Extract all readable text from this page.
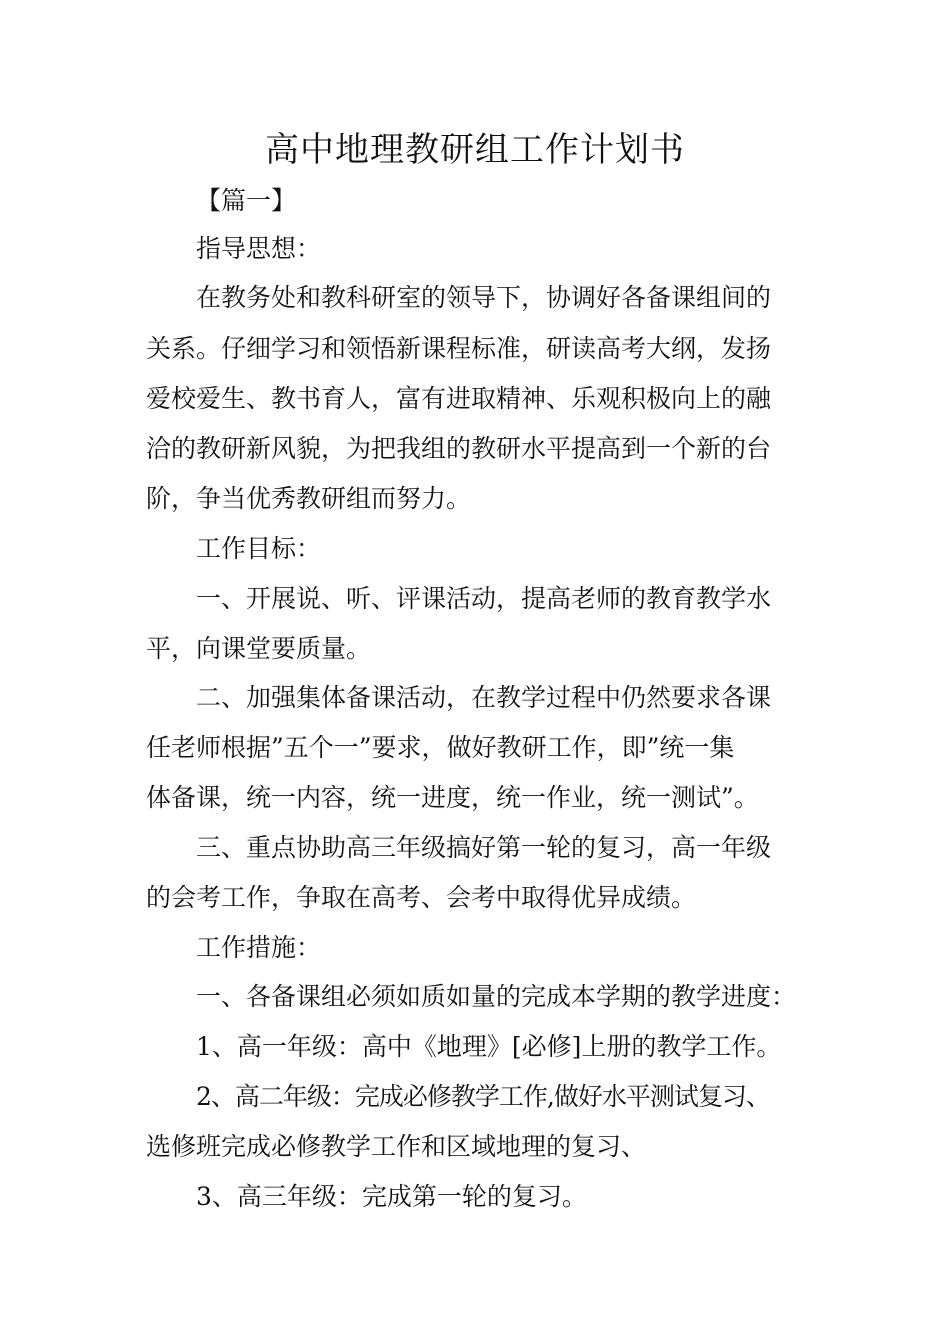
高中地理教研组工作计划书

【篇一】

指导思想：

在教务处和教科研室的领导下，协调好各备课组间的

关系。仔细学习和领悟新课程标准，研读高考大纲，发扬

爱校爱生、教书育人，富有进取精神、乐观积极向上的融

洽的教研新风貌，为把我组的教研水平提高到一个新的台

阶，争当优秀教研组而努力。

工作目标：

一、开展说、听、评课活动，提高老师的教育教学水

平，向课堂要质量。

二、加强集体备课活动，在教学过程中仍然要求各课

任老师根据”五个一”要求，做好教研工作，即”统一集

体备课，统一内容，统一进度，统一作业，统一测试”。

三、重点协助高三年级搞好第一轮的复习，高一年级

的会考工作，争取在高考、会考中取得优异成绩。

工作措施：

一、各备课组必须如质如量的完成本学期的教学进度：

1、高一年级：高中《地理》[必修]上册的教学工作。

2、高二年级：完成必修教学工作,做好水平测试复习、

选修班完成必修教学工作和区域地理的复习、

3、高三年级：完成第一轮的复习。
